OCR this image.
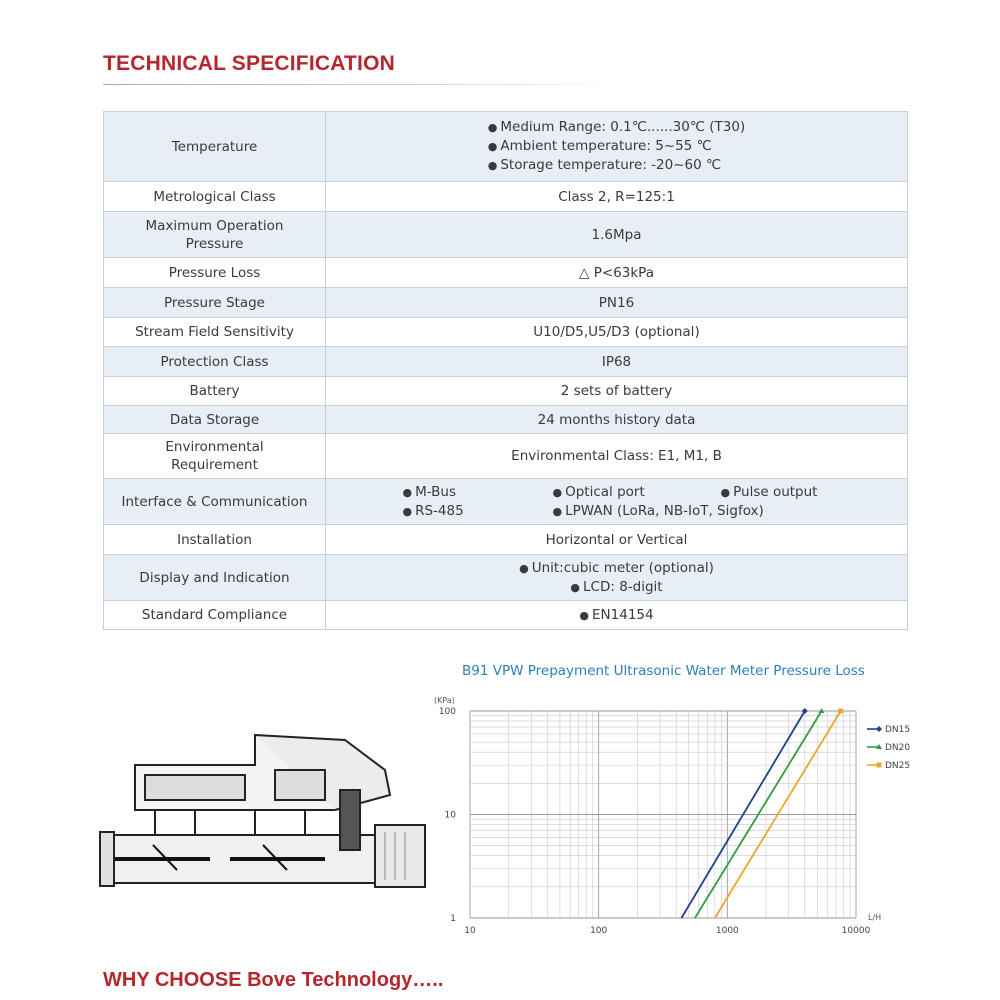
TECHNICAL SPECIFICATION
Temperature	● Medium Range: 0.1℃......30℃ (T30)
● Ambient temperature: 5~55 ℃
● Storage temperature: -20~60 ℃

Metrological Class	Class 2, R=125:1

Maximum Operation Pressure	1.6Mpa
Pressure Loss	△ P<63kPa
Pressure Stage	PN16
Stream Field Sensitivity	U10/D5,U5/D3 (optional)
Protection Class	IP68
Battery	2 sets of battery
Data Storage	24 months history data

Environmental Requirement	Environmental Class: E1, M1, B
Interface & Communication	● M-Bus ● Optical port ● Pulse output
● RS-485 ● LPWAN (LoRa, NB-IoT, Sigfox)

Installation	Horizontal or Vertical
Display and Indication	● Unit:cubic meter (optional)
● LCD: 8-digit

Standard Compliance	● EN14154
B91 VPW Prepayment Ultrasonic Water Meter Pressure Loss
10	100	1000	10000
1
10
100
DN15
DN20
DN25
(KPa)
L/H
WHY CHOOSE Bove Technology…..
